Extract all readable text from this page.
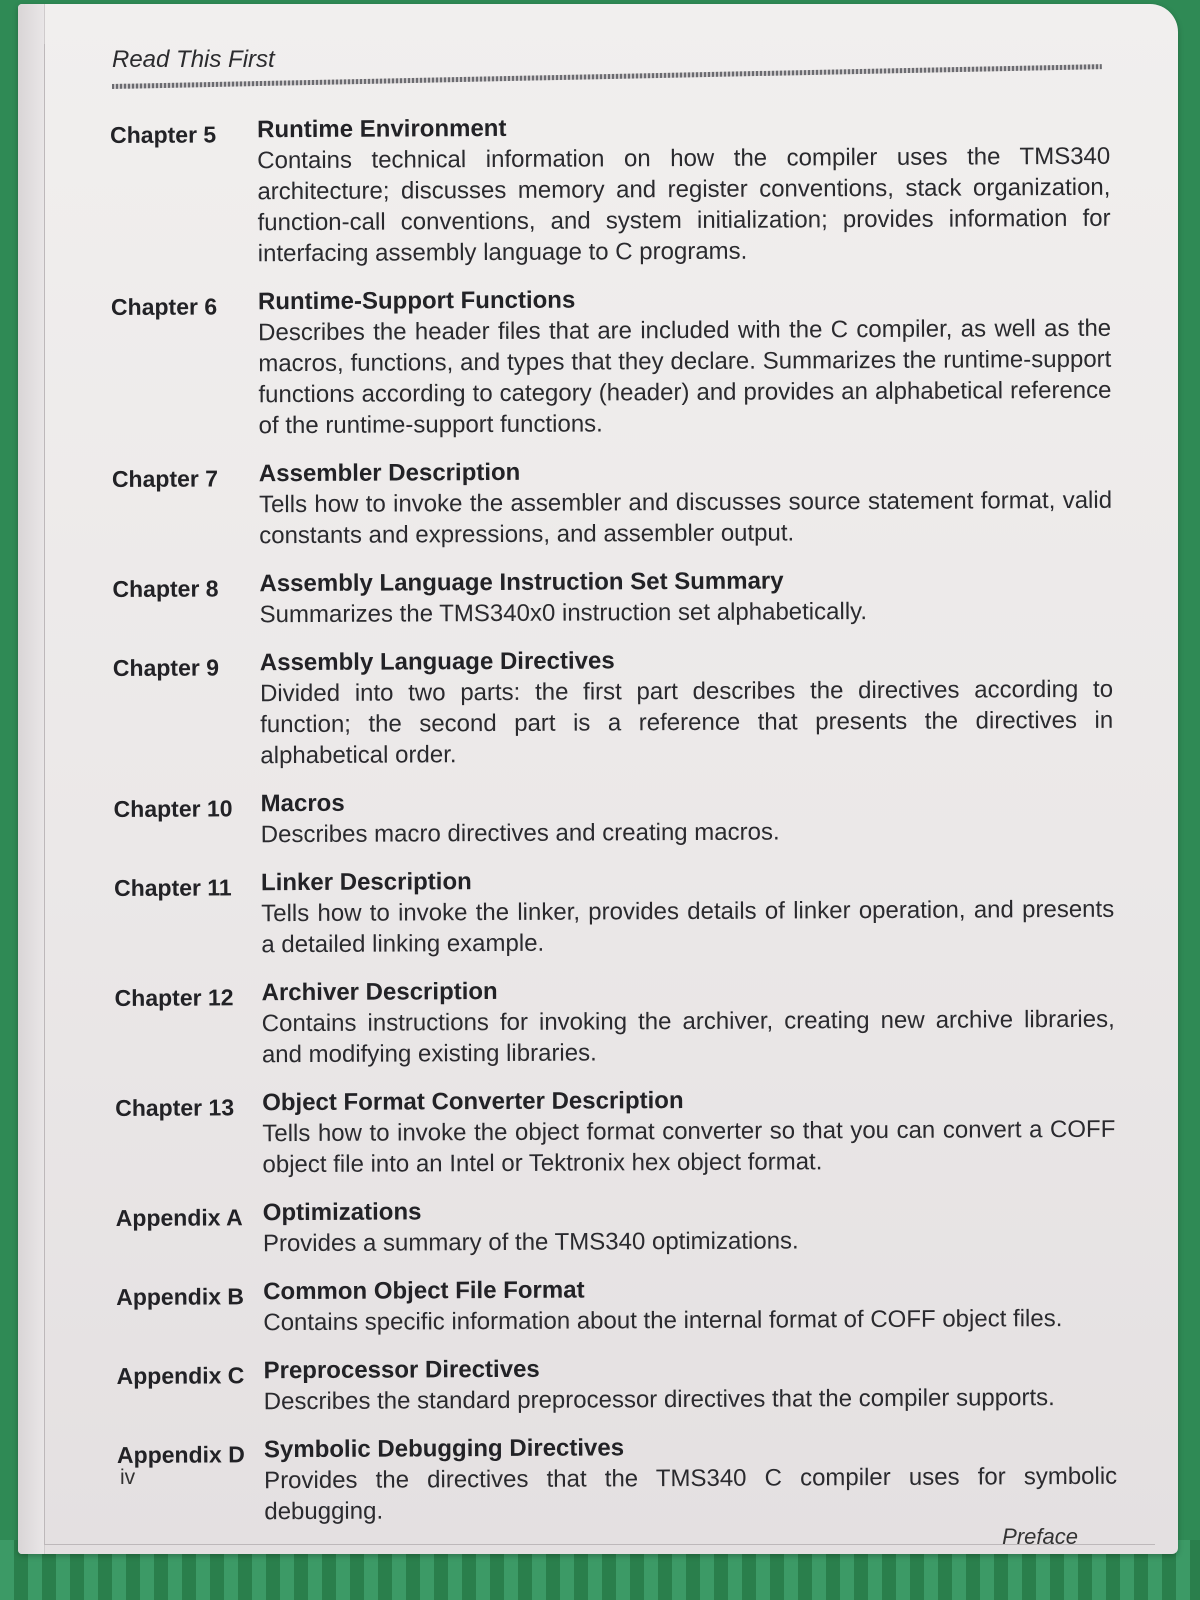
Read This First

Chapter 5	Runtime Environment
Contains technical information on how the compiler uses the TMS340 architecture; discusses memory and register conventions, stack organization, function-call conventions, and system initialization; provides information for interfacing assembly language to C programs.
Chapter 6	Runtime-Support Functions
Describes the header files that are included with the C compiler, as well as the macros, functions, and types that they declare. Summarizes the runtime-support functions according to category (header) and provides an alphabetical reference of the runtime-support functions.
Chapter 7	Assembler Description
Tells how to invoke the assembler and discusses source statement format, valid constants and expressions, and assembler output.
Chapter 8	Assembly Language Instruction Set Summary
Summarizes the TMS340x0 instruction set alphabetically.
Chapter 9	Assembly Language Directives
Divided into two parts: the first part describes the directives according to function; the second part is a reference that presents the directives in alphabetical order.
Chapter 10	Macros
Describes macro directives and creating macros.
Chapter 11	Linker Description
Tells how to invoke the linker, provides details of linker operation, and presents a detailed linking example.
Chapter 12	Archiver Description
Contains instructions for invoking the archiver, creating new archive libraries, and modifying existing libraries.
Chapter 13	Object Format Converter Description
Tells how to invoke the object format converter so that you can convert a COFF object file into an Intel or Tektronix hex object format.
Appendix A Optimizations
Provides a summary of the TMS340 optimizations.
Appendix B Common Object File Format
Contains specific information about the internal format of COFF object files.
Appendix C Preprocessor Directives
Describes the standard preprocessor directives that the compiler supports.
Appendix D Symbolic Debugging Directives
Provides the directives that the TMS340 C compiler uses for symbolic debugging.
iv
Preface
